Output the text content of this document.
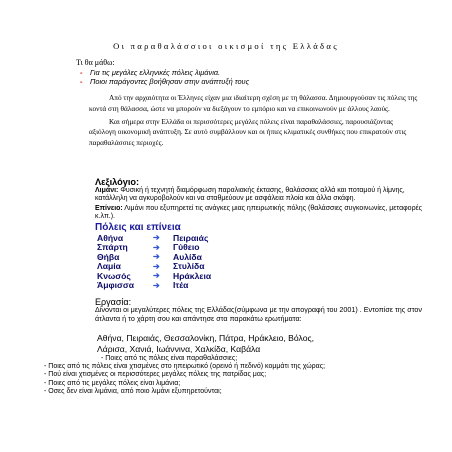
Οι παραθαλάσσιοι οικισμοί της Ελλάδας
Τι θα μάθω:
- Για τις μεγάλες ελληνικές πόλεις λιμάνια.
- Ποιοι παράγοντες βοήθησαν στην ανάπτυξή τους

Από την αρχαιότητα οι Έλληνες είχαν μια ιδιαίτερη σχέση με τη θάλασσα. Δημιουργούσαν τις πόλεις της κοντά στη θάλασσα, ώστε να μπορούν να διεξάγουν το εμπόριο και να επικοινωνούν με άλλους λαούς.

Και σήμερα στην Ελλάδα οι περισσότερες μεγάλες πόλεις είναι παραθαλάσσιες, παρουσιάζοντας αξιόλογη οικονομική ανάπτυξη. Σε αυτό συμβάλλουν και οι ήπιες κλιματικές συνθήκες που επικρατούν στις παραθαλάσσιες περιοχές.

Λεξιλόγιο:
Λιμάνι: Φυσική ή τεχνητή διαμόρφωση παραλιακής έκτασης, θαλάσσιας αλλά και ποταμού ή λίμνης, κατάλληλη να αγκυροβολούν και να σταθμεύουν με ασφάλεια πλοία και άλλα σκάφη.
Επίνειο: Λιμάνι που εξυπηρετεί τις ανάγκες μιας ηπειρωτικής πόλης (θαλάσσιες συγκοινωνίες, μεταφορές κ.λπ.).
Πόλεις και επίνεια
Αθήνα	➔	Πειραιάς
Σπάρτη	➔	Γύθειο
Θήβα	➔	Αυλίδα
Λαμία	➔	Στυλίδα
Κνωσός	➔	Ηράκλεια
Άμφισσα	➔	Ιτέα
Εργασία:
Δίνονται οι μεγαλύτερες πόλεις της Ελλάδας(σύμφωνα με την απογραφή του 2001) . Εντοπίσε της στον άτλαντα ή το χάρτη σου και απάντησε στα παρακάτω ερωτήματα:
Αθήνα, Πειραιάς, Θεσσαλονίκη, Πάτρα, Ηράκλειο, Βόλος,
Λάρισα, Χανιά, Ιωάννινα, Χαλκίδα, Καβάλα
- Ποιες από τις πόλεις είναι παραθαλάσσιες;
- Ποιες από τις πόλεις είναι χτισμένες στο ηπειρωτικό (ορεινό ή πεδινό) κομμάτι της χώρας;
- Πού είναι χτισμένες οι περισσότερες μεγάλες πόλεις της πατρίδας μας;
- Ποιες από τις μεγάλες πόλεις είναι λιμάνια;
- Οσες δεν είναι λιμάνια, από ποιο λιμάνι εξυπηρετούνται;
